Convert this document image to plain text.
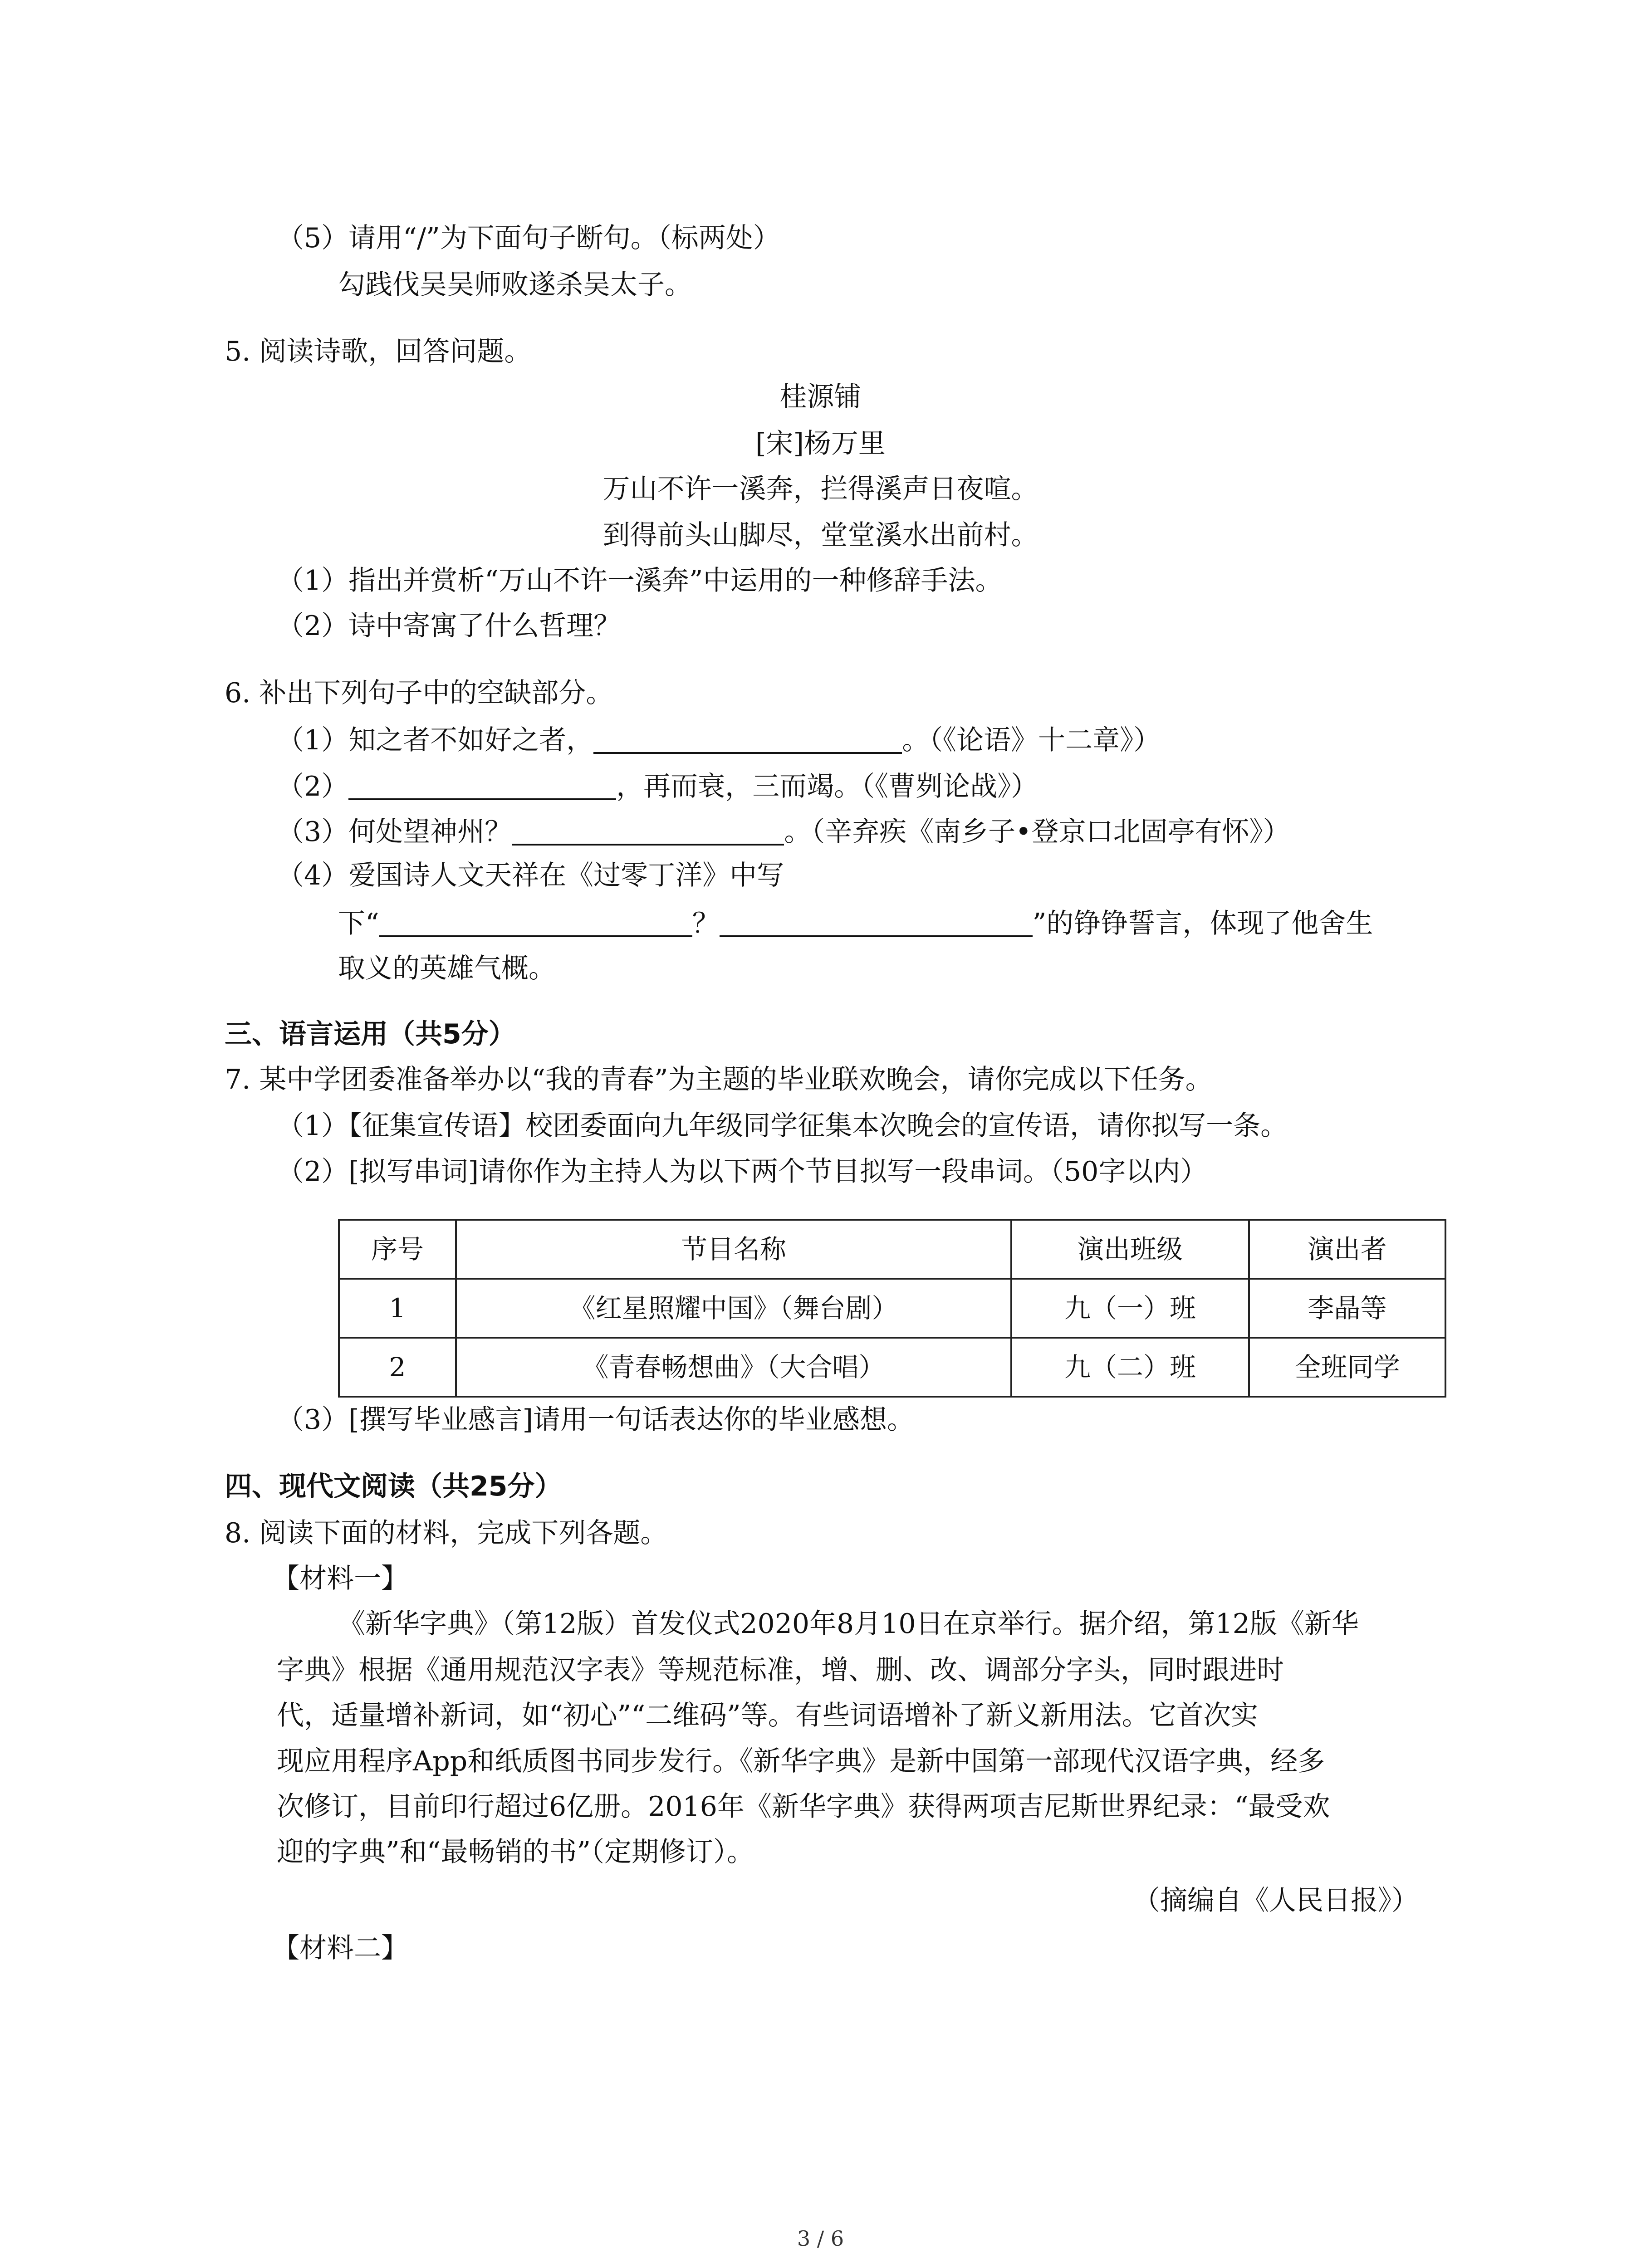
（5）请用“/”为下面句子断句。（标两处）
勾践伐吴吴师败遂杀吴太子。
5. 阅读诗歌，回答问题。
桂源铺
[宋]杨万里
万山不许一溪奔，拦得溪声日夜喧。
到得前头山脚尽，堂堂溪水出前村。
（1）指出并赏析“万山不许一溪奔”中运用的一种修辞手法。
（2）诗中寄寓了什么哲理？
6. 补出下列句子中的空缺部分。
（1）知之者不如好之者，	。（《论语》十二章》）
（2）	，再而衰，三而竭。（《曹刿论战》）
（3）何处望神州？	。（辛弃疾《南乡子•登京口北固亭有怀》）
（4）爱国诗人文天祥在《过零丁洋》中写
下“	？	”的铮铮誓言，体现了他舍生
取义的英雄气概。
三、语言运用（共5分）
7. 某中学团委准备举办以“我的青春”为主题的毕业联欢晚会，请你完成以下任务。
（1）【征集宣传语】校团委面向九年级同学征集本次晚会的宣传语，请你拟写一条。
（2）[拟写串词]请你作为主持人为以下两个节目拟写一段串词。（50字以内）
序号	节目名称	演出班级	演出者
1	《红星照耀中国》（舞台剧）	九（一）班	李晶等
2	《青春畅想曲》（大合唱）	九（二）班	全班同学
（3）[撰写毕业感言]请用一句话表达你的毕业感想。
四、现代文阅读（共25分）
8. 阅读下面的材料，完成下列各题。
【材料一】
《新华字典》（第12版）首发仪式2020年8月10日在京举行。据介绍，第12版《新华
字典》根据《通用规范汉字表》等规范标准，增、删、改、调部分字头，同时跟进时
代，适量增补新词，如“初心”“二维码”等。有些词语增补了新义新用法。它首次实
现应用程序App和纸质图书同步发行。《新华字典》是新中国第一部现代汉语字典，经多
次修订，目前印行超过6亿册。2016年《新华字典》获得两项吉尼斯世界纪录：“最受欢
迎的字典”和“最畅销的书”（定期修订）。
（摘编自《人民日报》）
【材料二】
3 / 6
